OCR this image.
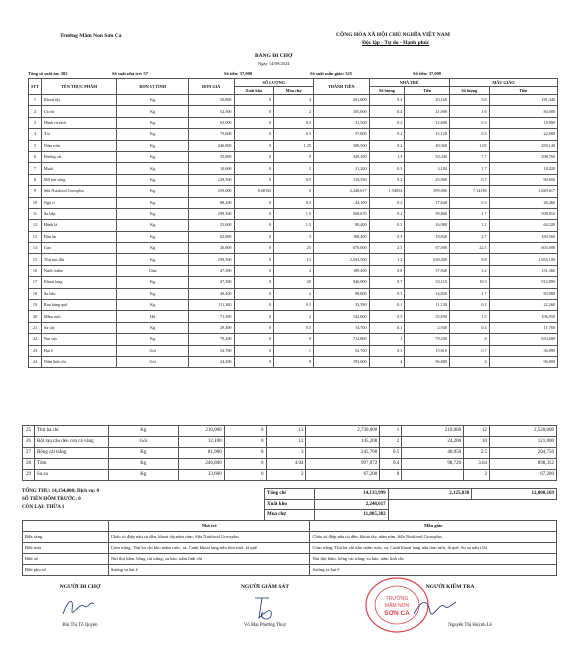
Trường Mầm Non Sơn Ca	CỘNG HÒA XÃ HỘI CHỦ NGHĨA VIỆT NAM
Độc lập - Tự do - Hạnh phúc
BẢNG ĐI CHỢ
Ngày 14/09/2024
Tổng số suất ăn: 382	Số suất nhà trẻ: 57	Số tiền: 37,000	Số suất mẫu giáo: 325	Số tiền: 37,000
STT	TÊN THỰC PHẨM	ĐƠN VỊ TÍNH	ĐƠN GIÁ	SỐ LƯỢNG		THÀNH TIỀN	NHÀ TRẺ		MẪU GIÁO	
				Xuất kho	Mua chợ		Số lượng	Tiền	Số lượng	Tiền
1	Khoai tây	Kg	50,800	0	4	201,600	0.4	20,160	3.6	181,440
2	Cà rốt	Kg	52,500	0	2	105,000	0.4	21,000	1.6	84,000
3	Hành củ tươi	Kg	63,000	0	0.5	31,500	0.2	12,600	0.3	18,900
4	Tỏi	Kg	75,600	0	0.5	37,800	0.2	15,120	0.3	22,680
5	Nấm rơm	Kg	246,800	0	1.25	308,500	0.2	49,360	1.05	259,140
6	Đường cát	Kg	35,800	0	9	349,200	1.3	50,440	7.7	298,760
7	Muối	Kg	10,600	0	2	21,200	0.3	3,180	1.7	18,020
8	Mỡ lợn sống	Kg	129,500	0	0.9	116,550	0.2	25,900	0.7	90,650
9	Sữa Nutifood Growplus	Kg	259,000	8.68192	0	2,248,617	1.54054	399,000	7.14138	1,849,617
10	Ngò rí	Kg	88,200	0	0.5	44,100	0.2	17,640	0.3	26,460
11	Su bắp	Kg	299,300	0	1.9	568,670	0.2	59,860	1.7	508,810
12	Hành lá	Kg	53,600	0	1.5	80,400	0.3	16,080	1.2	64,320
13	Đậu ăn	Kg	62,800	0	3	188,400	0.3	18,840	2.7	169,560
14	Gạo	Kg	26,800	0	25	670,000	2.5	67,000	22.5	603,000
15	Thịt nạc đùi	Kg	199,500	0	13	2,593,500	1.2	638,400	9.8	1,955,100
16	Nước mắm	Chai	47,500	0	4	189,200	0.8	37,840	3.2	151,360
17	Khoai lang	Kg	47,300	0	20	946,000	0.7	33,110	19.3	912,890
18	Su hào	Kg	49,400	0	2	98,800	0.3	14,820	1.7	83,980
19	Rau húng quế	Kg	111,300	0	0.3	33,390	0.1	11,130	0.2	22,260
20	Mắm ruốc	Hũ	71,300	0	2	142,600	0.5	35,650	1.5	106,950
21	Sả cây	Kg	29,400	0	0.5	14,700	0.1	2,940	0.4	11,760
22	Nui sao	Kg	79,200	0	9	712,800	1	79,200	8	633,600
23	Hạt ê	Gói	52,700	0	1	52,700	0.3	15,810	0.7	36,890
24	Nấm linh chi	Gói	24,200	0	8	193,600	4	96,800	4	96,800
25	Thịt ba chỉ	Kg	210,000	0	13	2,730,000	1	210,000	12	2,520,000
26	Bột rau câu dẻo con cá vàng	Gói	12,100	0	12	145,200	2	24,200	10	121,000
27	Bông cải trắng	Kg	81,900	0	3	245,700	0.5	40,950	2.5	204,750
28	Tôm	Kg	246,800	0	4.04	997,072	0.4	98,720	3.64	898,352
29	Su su	Kg	33,600	0	2	67,200	0		2	67,200
TỔNG THU: 14,134,000; Dịch vụ: 0
SỐ TIỀN HÔM TRƯỚC: 0
CÒN LẠI: THỪA 1
Tổng chi	14,133,999	2,125,830	12,008,169
Xuất kho	2,248,617		
Mua chợ	11,885,382		
	Nhà trẻ	Mẫu giáo
Bữa sáng	Cháo sò điệp nấu củ dền, khoai tây,nấm rơm; Sữa Nutifood Growplus	Cháo sò điệp nấu củ dền, khoai tây, nấm rơm, Sữa Nutifood Growplus
Bữa trưa	Cơm trắng, Thịt ba chỉ kho mắm ruốc, sả, Canh khoai lang nấu tôm tươi, lá quế	Cơm trắng, Thịt ba chỉ kho mắm ruốc, sả, Canh khoai lang nấu tôm tươi, lá quế, Su su nấu t lá)
Bữa xế	Nui thịt bằm, bông cải trắng, su hào, nấm linh chi	Nui thịt bằm, bông cải trắng, su hào, nấm linh chi
Bữa phụ xế	Sương sa hạt ê	Sương sa hạt ê
NGƯỜI ĐI CHỢ	NGƯỜI GIÁM SÁT	NGƯỜI KIỂM TRA
TRƯỜNG
MẦM NON
SƠN CA
Bùi Thị Tố Quyên	Võ Mai Phương Thuỷ	Nguyễn Thị Huỳnh Lê
